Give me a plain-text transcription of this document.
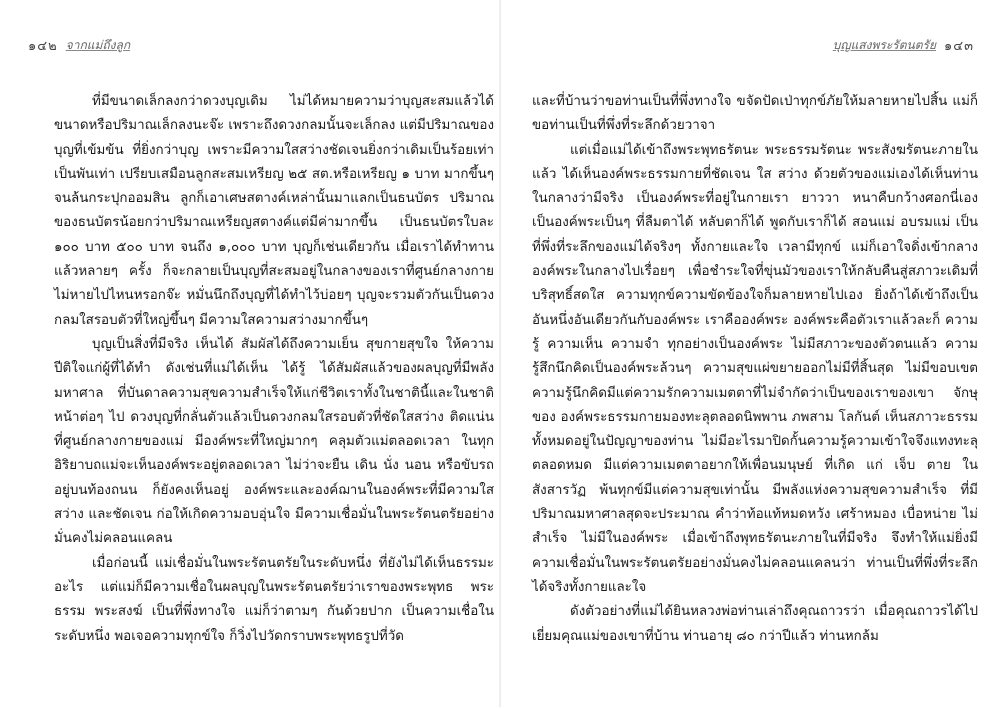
๑๔๒ จากแม่ถึงลูก

ที่มีขนาดเล็กลงกว่าดวงบุญเดิม ไม่ได้หมายความว่าบุญสะสมแล้วได้ขนาดหรือปริมาณเล็กลงนะจ๊ะ เพราะถึงดวงกลมนั้นจะเล็กลง แต่มีปริมาณของบุญที่เข้มข้น ที่ยิ่งกว่าบุญ เพราะมีความใสสว่างชัดเจนยิ่งกว่าเดิมเป็นร้อยเท่าเป็นพันเท่า เปรียบเสมือนลูกสะสมเหรียญ ๒๕ สต.หรือเหรียญ ๑ บาท มากขึ้นๆ จนล้นกระปุกออมสิน ลูกก็เอาเศษสตางค์เหล่านั้นมาแลกเป็นธนบัตร ปริมาณของธนบัตรน้อยกว่าปริมาณเหรียญสตางค์แต่มีค่ามากขึ้น เป็นธนบัตรใบละ ๑๐๐ บาท ๕๐๐ บาท จนถึง ๑,๐๐๐ บาท บุญก็เช่นเดียวกัน เมื่อเราได้ทำทานแล้วหลายๆ ครั้ง ก็จะกลายเป็นบุญที่สะสมอยู่ในกลางของเราที่ศูนย์กลางกาย ไม่หายไปไหนหรอกจ๊ะ หมั่นนึกถึงบุญที่ได้ทำไว้บ่อยๆ บุญจะรวมตัวกันเป็นดวงกลมใสรอบตัวที่ใหญ่ขึ้นๆ มีความใสความสว่างมากขึ้นๆ

บุญเป็นสิ่งที่มีจริง เห็นได้ สัมผัสได้ถึงความเย็น สุขกายสุขใจ ให้ความปีติใจแก่ผู้ที่ได้ทำ ดังเช่นที่แม่ได้เห็น ได้รู้ ได้สัมผัสแล้วของผลบุญที่มีพลังมหาศาล ที่บันดาลความสุขความสำเร็จให้แก่ชีวิตเราทั้งในชาตินี้และในชาติหน้าต่อๆ ไป ดวงบุญที่กลั่นตัวแล้วเป็นดวงกลมใสรอบตัวที่ชัดใสสว่าง ติดแน่นที่ศูนย์กลางกายของแม่ มีองค์พระที่ใหญ่มากๆ คลุมตัวแม่ตลอดเวลา ในทุกอิริยาบถแม่จะเห็นองค์พระอยู่ตลอดเวลา ไม่ว่าจะยืน เดิน นั่ง นอน หรือขับรถอยู่บนท้องถนน ก็ยังคงเห็นอยู่ องค์พระและองค์ฌานในองค์พระที่มีความใส สว่าง และชัดเจน ก่อให้เกิดความอบอุ่นใจ มีความเชื่อมั่นในพระรัตนตรัยอย่างมั่นคงไม่คลอนแคลน

เมื่อก่อนนี้ แม่เชื่อมั่นในพระรัตนตรัยในระดับหนึ่ง ที่ยังไม่ได้เห็นธรรมะอะไร แต่แม่ก็มีความเชื่อในผลบุญในพระรัตนตรัยว่าเราของพระพุทธ พระธรรม พระสงฆ์ เป็นที่พึ่งทางใจ แม่ก็ว่าตามๆ กันด้วยปาก เป็นความเชื่อในระดับหนึ่ง พอเจอความทุกข์ใจ ก็วิ่งไปวัดกราบพระพุทธรูปที่วัด

บุญแสงพระรัตนตรัย ๑๔๓

และที่บ้านว่าขอท่านเป็นที่พึ่งทางใจ ขจัดปัดเป่าทุกข์ภัยให้มลายหายไปสิ้น แม่ก็ขอท่านเป็นที่พึ่งที่ระลึกด้วยวาจา

แต่เมื่อแม่ได้เข้าถึงพระพุทธรัตนะ พระธรรมรัตนะ พระสังฆรัตนะภายในแล้ว ได้เห็นองค์พระธรรมกายที่ชัดเจน ใส สว่าง ด้วยตัวของแม่เองได้เห็นท่านในกลางว่ามีจริง เป็นองค์พระที่อยู่ในกายเรา ยาววา หนาคืบกว้างศอกนี่เอง เป็นองค์พระเป็นๆ ที่ลืมตาได้ หลับตาก็ได้ พูดกับเราก็ได้ สอนแม่ อบรมแม่ เป็นที่พึ่งที่ระลึกของแม่ได้จริงๆ ทั้งกายและใจ เวลามีทุกข์ แม่ก็เอาใจดิ่งเข้ากลางองค์พระในกลางไปเรื่อยๆ เพื่อชำระใจที่ขุ่นมัวของเราให้กลับคืนสู่สภาวะเดิมที่บริสุทธิ์สดใส ความทุกข์ความขัดข้องใจก็มลายหายไปเอง ยิ่งถ้าได้เข้าถึงเป็นอันหนึ่งอันเดียวกันกับองค์พระ เราคือองค์พระ องค์พระคือตัวเราแล้วละก็ ความรู้ ความเห็น ความจำ ทุกอย่างเป็นองค์พระ ไม่มีสภาวะของตัวตนแล้ว ความรู้สึกนึกคิดเป็นองค์พระล้วนๆ ความสุขแผ่ขยายออกไม่มีที่สิ้นสุด ไม่มีขอบเขต ความรู้นึกคิดมีแต่ความรักความเมตตาที่ไม่จำกัดว่าเป็นของเราของเขา จักษุของ องค์พระธรรมกายมองทะลุตลอดนิพพาน ภพสาม โลกันต์ เห็นสภาวะธรรมทั้งหมดอยู่ในปัญญาของท่าน ไม่มีอะไรมาปิดกั้นความรู้ความเข้าใจจึงแทงทะลุตลอดหมด มีแต่ความเมตตาอยากให้เพื่อนมนุษย์ ที่เกิด แก่ เจ็บ ตาย ในสังสารวัฏ พ้นทุกข์มีแต่ความสุขเท่านั้น มีพลังแห่งความสุขความสำเร็จ ที่มีปริมาณมหาศาลสุดจะประมาณ คำว่าท้อแท้หมดหวัง เศร้าหมอง เบื่อหน่าย ไม่สำเร็จ ไม่มีในองค์พระ เมื่อเข้าถึงพุทธรัตนะภายในที่มีจริง จึงทำให้แม่ยิ่งมีความเชื่อมั่นในพระรัตนตรัยอย่างมั่นคงไม่คลอนแคลนว่า ท่านเป็นที่พึ่งที่ระลึกได้จริงทั้งกายและใจ

ดังตัวอย่างที่แม่ได้ยินหลวงพ่อท่านเล่าถึงคุณถาวรว่า เมื่อคุณถาวรได้ไปเยี่ยมคุณแม่ของเขาที่บ้าน ท่านอายุ ๘๐ กว่าปีแล้ว ท่านหกล้ม
